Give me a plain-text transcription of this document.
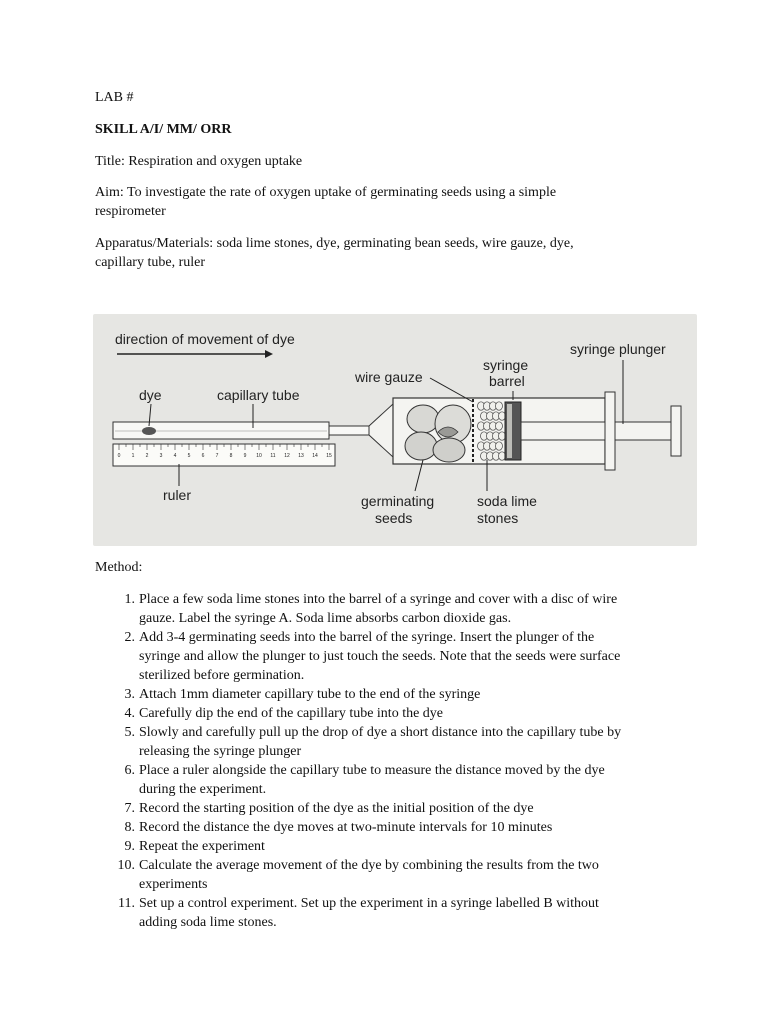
LAB #
SKILL A/I/ MM/ ORR
Title: Respiration and oxygen uptake
Aim: To investigate the rate of oxygen uptake of germinating seeds using a simple
respirometer
Apparatus/Materials: soda lime stones, dye, germinating bean seeds, wire gauze, dye,
capillary tube, ruler
direction of movement of dye
0 1 2 3 4 5 6 7 8 9 10 11 12 13 14 15
dye	capillary tube
wire gauze
syringe
barrel
syringe plunger
ruler	germinating
seeds
soda lime
stones
Method:
1. Place a few soda lime stones into the barrel of a syringe and cover with a disc of wire
gauze. Label the syringe A. Soda lime absorbs carbon dioxide gas.
2. Add 3-4 germinating seeds into the barrel of the syringe. Insert the plunger of the
syringe and allow the plunger to just touch the seeds. Note that the seeds were surface
sterilized before germination.
3. Attach 1mm diameter capillary tube to the end of the syringe
4. Carefully dip the end of the capillary tube into the dye
5. Slowly and carefully pull up the drop of dye a short distance into the capillary tube by
releasing the syringe plunger
6. Place a ruler alongside the capillary tube to measure the distance moved by the dye
during the experiment.
7. Record the starting position of the dye as the initial position of the dye
8. Record the distance the dye moves at two-minute intervals for 10 minutes
9. Repeat the experiment
10. Calculate the average movement of the dye by combining the results from the two
experiments
11. Set up a control experiment. Set up the experiment in a syringe labelled B without
adding soda lime stones.
